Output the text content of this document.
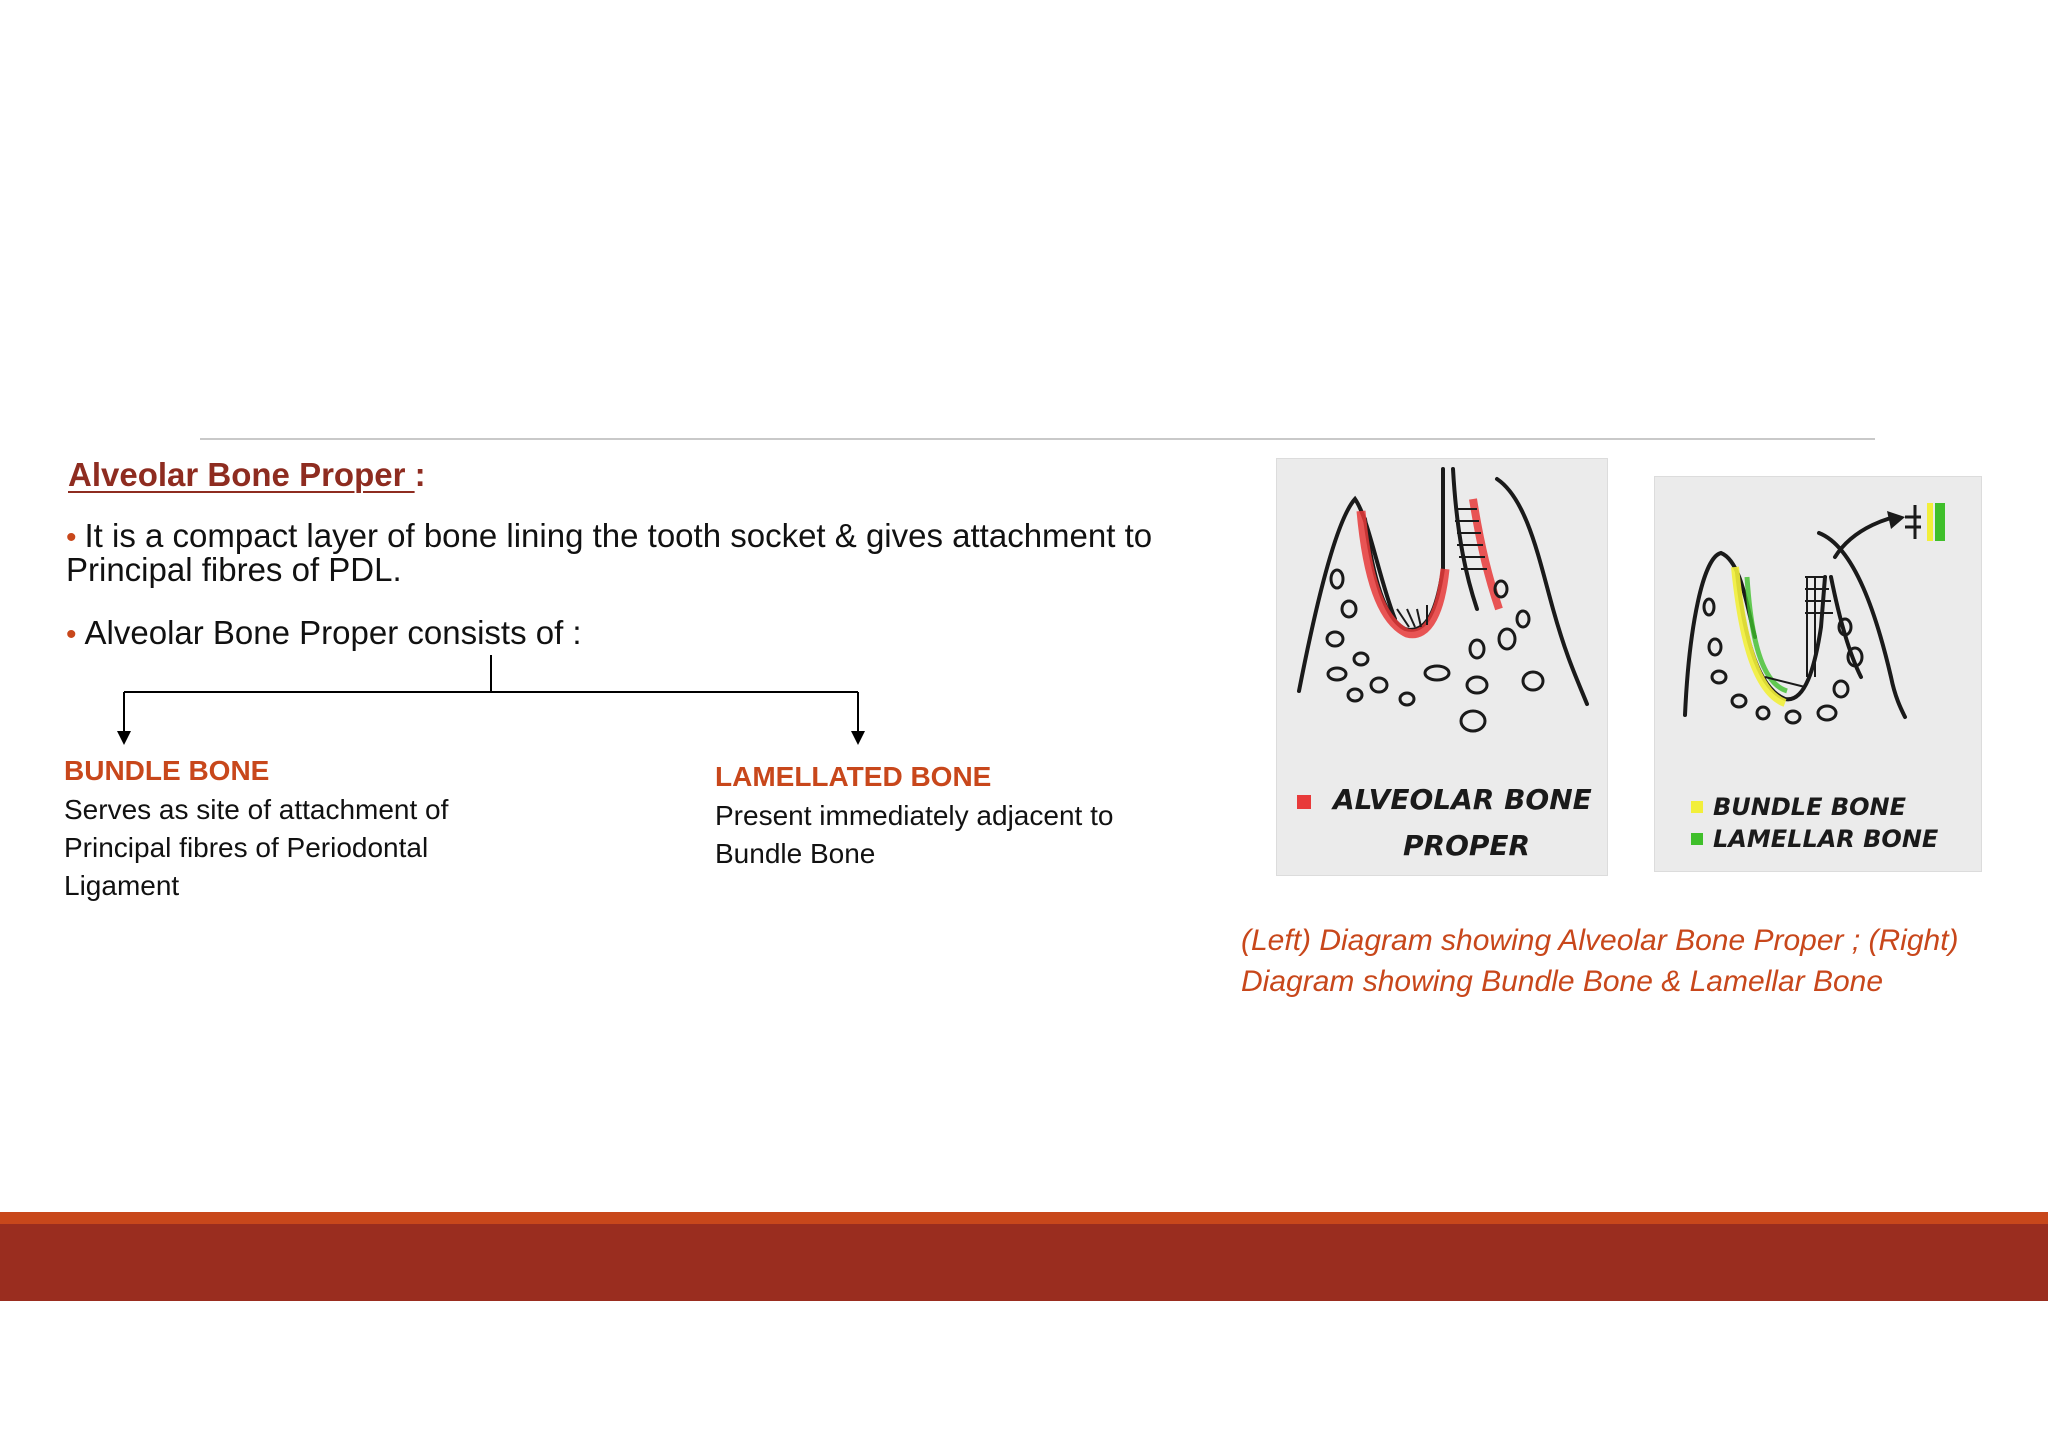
Alveolar Bone Proper :
• It is a compact layer of bone lining the tooth socket & gives attachment to Principal fibres of PDL.
• Alveolar Bone Proper consists of :
BUNDLE BONE
Serves as site of attachment of Principal fibres of Periodontal Ligament
LAMELLATED BONE
Present immediately adjacent to Bundle Bone
ALVEOLAR BONE
PROPER
BUNDLE BONE
LAMELLAR BONE
(Left) Diagram showing Alveolar Bone Proper ; (Right) Diagram showing Bundle Bone & Lamellar Bone
